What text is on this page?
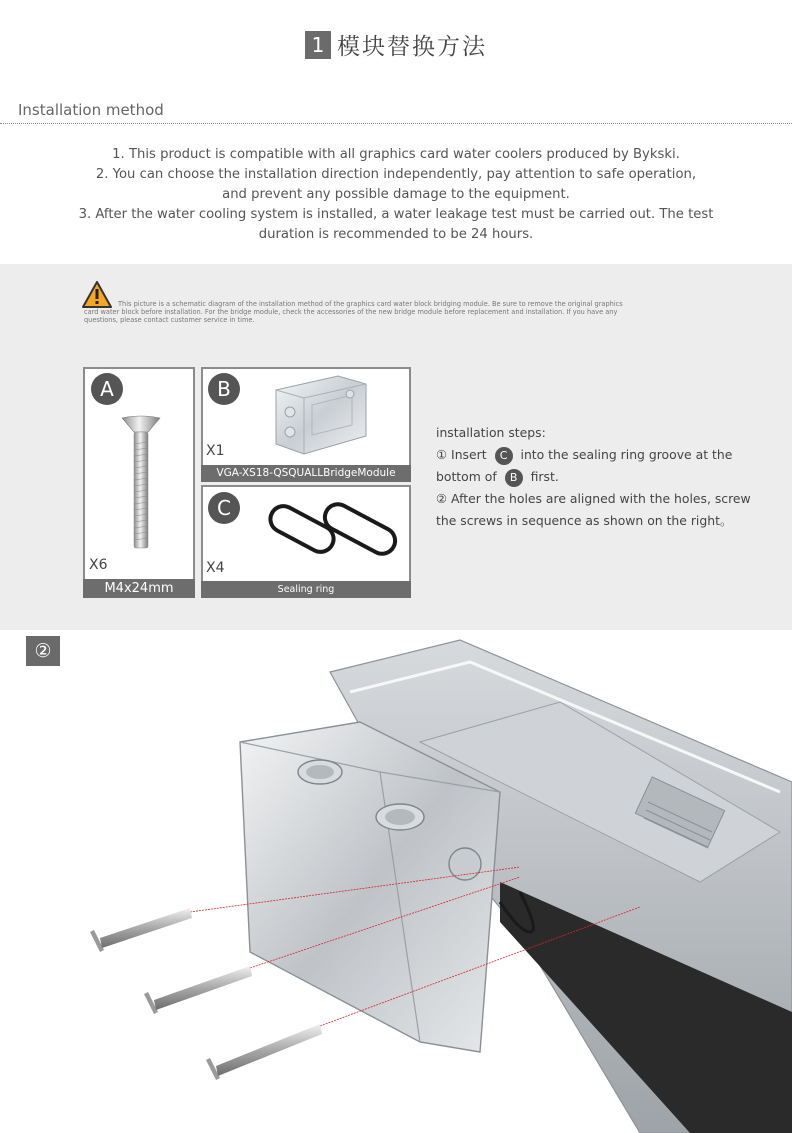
1 模块替换方法
Installation method

1. This product is compatible with all graphics card water coolers produced by Bykski.

2. You can choose the installation direction independently, pay attention to safe operation,

and prevent any possible damage to the equipment.

3. After the water cooling system is installed, a water leakage test must be carried out. The test

duration is recommended to be 24 hours.

This picture is a schematic diagram of the installation method of the graphics card water block bridging module. Be sure to remove the original graphics
card water block before installation. For the bridge module, check the accessories of the new bridge module before replacement and installation. If you have any
questions, please contact customer service in time.
A
X6
M4x24mm
B
X1
VGA-XS18-QSQUALLBridgeModule
C
X4
Sealing ring

installation steps:

① Insert C into the sealing ring groove at the

bottom of B first.

② After the holes are aligned with the holes, screw

the screws in sequence as shown on the right。

②
